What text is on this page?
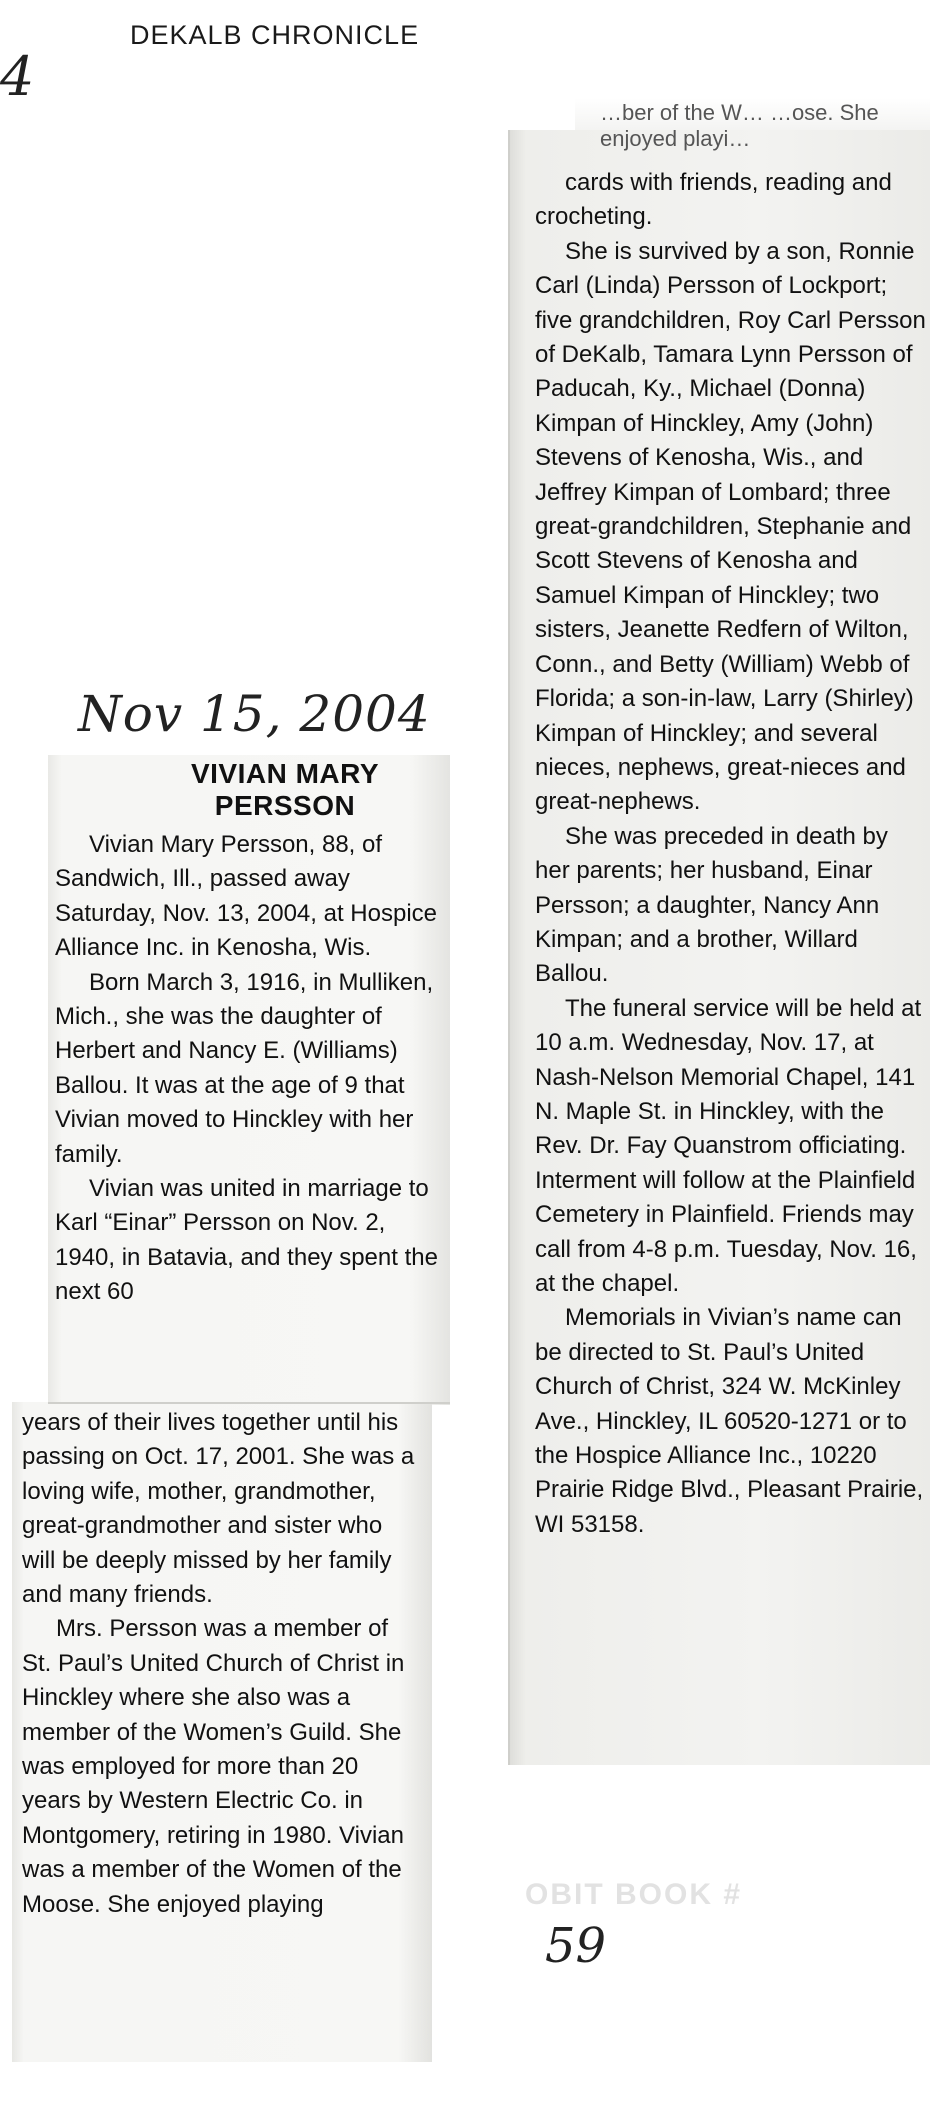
DEKALB CHRONICLE
4
Nov 15, 2004
VIVIAN MARY
PERSSON

Vivian Mary Persson, 88, of Sandwich, Ill., passed away Saturday, Nov. 13, 2004, at Hospice Alliance Inc. in Kenosha, Wis.

Born March 3, 1916, in Mulliken, Mich., she was the daughter of Herbert and Nancy E. (Williams) Ballou. It was at the age of 9 that Vivian moved to Hinckley with her family.

Vivian was united in marriage to Karl “Einar” Persson on Nov. 2, 1940, in Batavia, and they spent the next 60

years of their lives together until his passing on Oct. 17, 2001. She was a loving wife, mother, grandmother, great-grandmother and sister who will be deeply missed by her family and many friends.

Mrs. Persson was a member of St. Paul’s United Church of Christ in Hinckley where she also was a member of the Women’s Guild. She was employed for more than 20 years by Western Electric Co. in Montgomery, retiring in 1980. Vivian was a member of the Women of the Moose. She enjoyed playing

…ber of the W… …ose. She enjoyed playi…

cards with friends, reading and crocheting.

She is survived by a son, Ronnie Carl (Linda) Persson of Lockport; five grandchildren, Roy Carl Persson of DeKalb, Tamara Lynn Persson of Paducah, Ky., Michael (Donna) Kimpan of Hinckley, Amy (John) Stevens of Kenosha, Wis., and Jeffrey Kimpan of Lombard; three great-grandchildren, Stephanie and Scott Stevens of Kenosha and Samuel Kimpan of Hinckley; two sisters, Jeanette Redfern of Wilton, Conn., and Betty (William) Webb of Florida; a son-in-law, Larry (Shirley) Kimpan of Hinckley; and several nieces, nephews, great-nieces and great-nephews.

She was preceded in death by her parents; her husband, Einar Persson; a daughter, Nancy Ann Kimpan; and a brother, Willard Ballou.

The funeral service will be held at 10 a.m. Wednesday, Nov. 17, at Nash-Nelson Memorial Chapel, 141 N. Maple St. in Hinckley, with the Rev. Dr. Fay Quanstrom officiating. Interment will follow at the Plainfield Cemetery in Plainfield. Friends may call from 4-8 p.m. Tuesday, Nov. 16, at the chapel.

Memorials in Vivian’s name can be directed to St. Paul’s United Church of Christ, 324 W. McKinley Ave., Hinckley, IL 60520-1271 or to the Hospice Alliance Inc., 10220 Prairie Ridge Blvd., Pleasant Prairie, WI 53158.

OBIT BOOK #
59
